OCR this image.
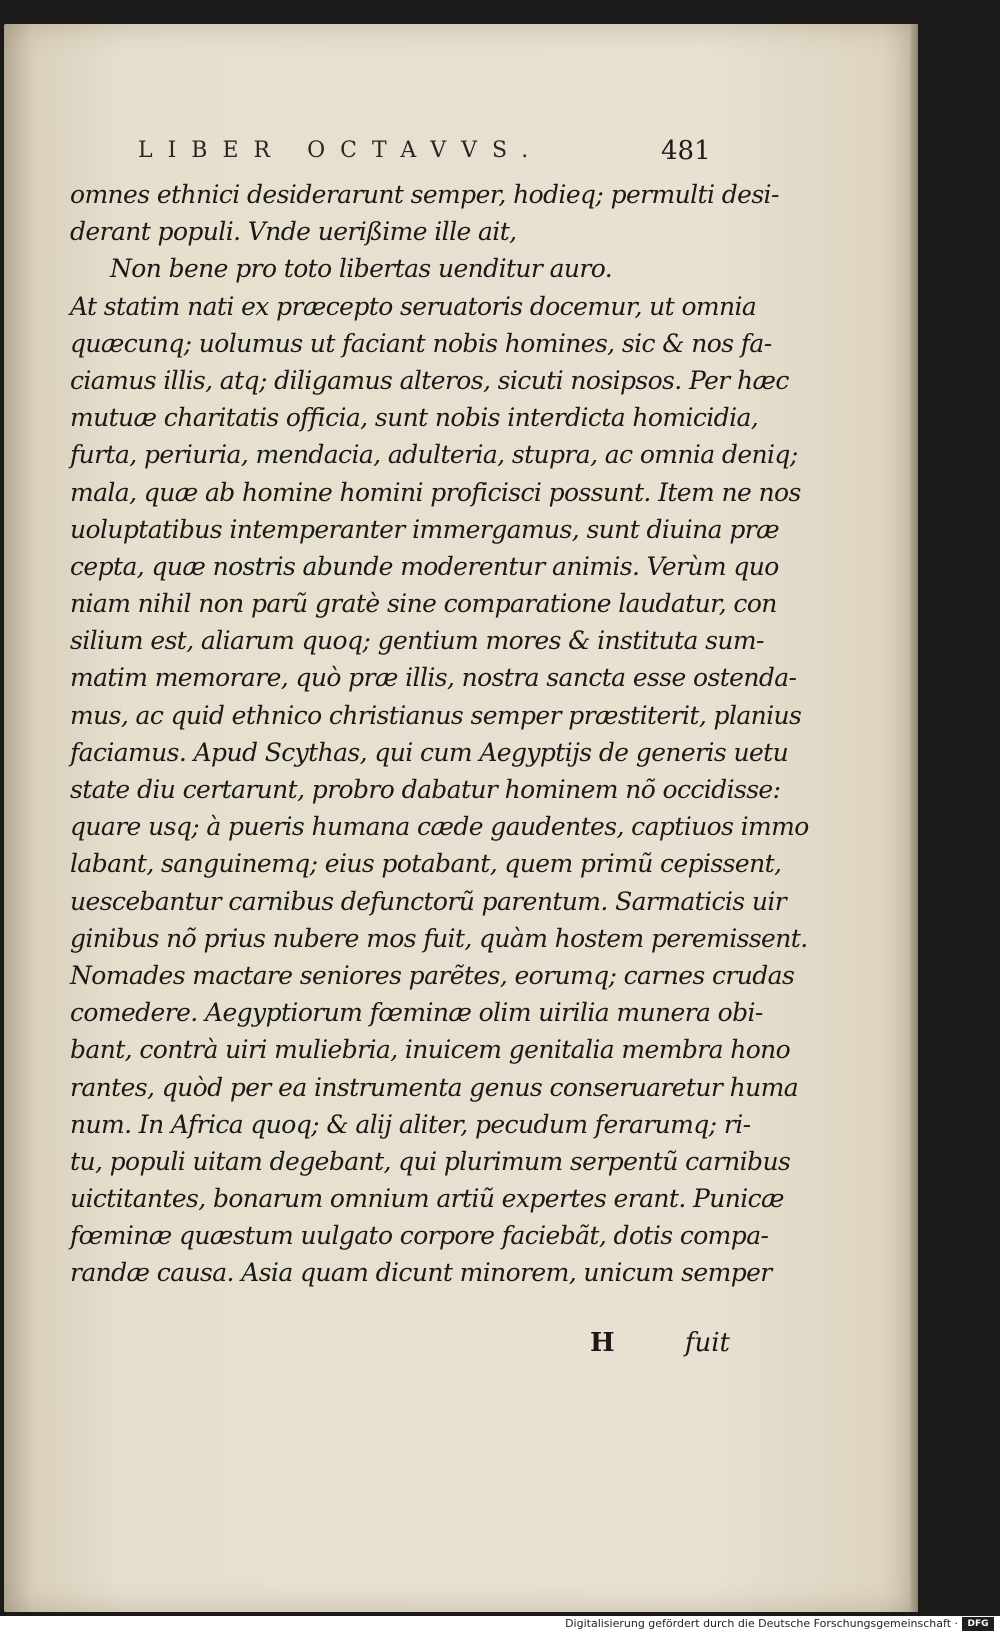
LIBER OCTAVVS.	481
omnes ethnici desiderarunt semper, hodieq; permulti desi-
derant populi. Vnde uerißime ille ait,
Non bene pro toto libertas uenditur auro.
At statim nati ex præcepto seruatoris docemur, ut omnia
quæcunq; uolumus ut faciant nobis homines, sic & nos fa-
ciamus illis, atq; diligamus alteros, sicuti nosipsos. Per hæc
mutuæ charitatis officia, sunt nobis interdicta homicidia,
furta, periuria, mendacia, adulteria, stupra, ac omnia deniq;
mala, quæ ab homine homini proficisci possunt. Item ne nos
uoluptatibus intemperanter immergamus, sunt diuina præ
cepta, quæ nostris abunde moderentur animis. Verùm quo
niam nihil non parũ gratè sine comparatione laudatur, con
silium est, aliarum quoq; gentium mores & instituta sum-
matim memorare, quò præ illis, nostra sancta esse ostenda-
mus, ac quid ethnico christianus semper præstiterit, planius
faciamus. Apud Scythas, qui cum Aegyptijs de generis uetu
state diu certarunt, probro dabatur hominem nõ occidisse:
quare usq; à pueris humana cæde gaudentes, captiuos immo
labant, sanguinemq; eius potabant, quem primũ cepissent,
uescebantur carnibus defunctorũ parentum. Sarmaticis uir
ginibus nõ prius nubere mos fuit, quàm hostem peremissent.
Nomades mactare seniores parẽtes, eorumq; carnes crudas
comedere. Aegyptiorum fœminæ olim uirilia munera obi-
bant, contrà uiri muliebria, inuicem genitalia membra hono
rantes, quòd per ea instrumenta genus conseruaretur huma
num. In Africa quoq; & alij aliter, pecudum ferarumq; ri-
tu, populi uitam degebant, qui plurimum serpentũ carnibus
uictitantes, bonarum omnium artiũ expertes erant. Punicæ
fœminæ quæstum uulgato corpore faciebãt, dotis compa-
randæ causa. Asia quam dicunt minorem, unicum semper
H	fuit
Digitalisierung gefördert durch die Deutsche Forschungsgemeinschaft ·	DFG
